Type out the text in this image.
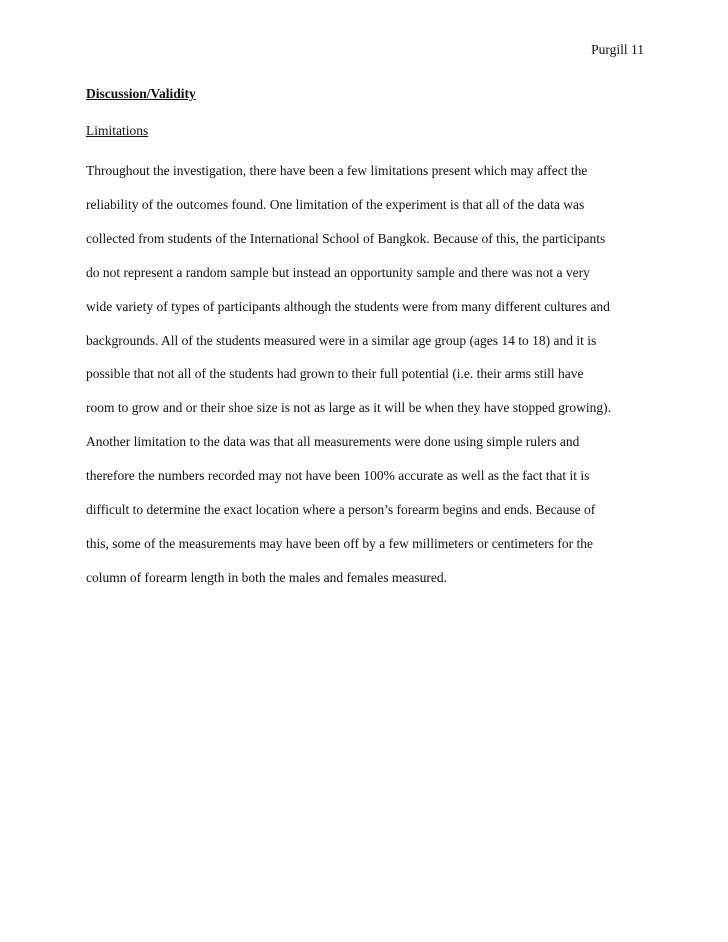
Purgill 11
Discussion/Validity
Limitations
Throughout the investigation, there have been a few limitations present which may affect the
reliability of the outcomes found. One limitation of the experiment is that all of the data was
collected from students of the International School of Bangkok. Because of this, the participants
do not represent a random sample but instead an opportunity sample and there was not a very
wide variety of types of participants although the students were from many different cultures and
backgrounds. All of the students measured were in a similar age group (ages 14 to 18) and it is
possible that not all of the students had grown to their full potential (i.e. their arms still have
room to grow and or their shoe size is not as large as it will be when they have stopped growing).
Another limitation to the data was that all measurements were done using simple rulers and
therefore the numbers recorded may not have been 100% accurate as well as the fact that it is
difficult to determine the exact location where a person’s forearm begins and ends. Because of
this, some of the measurements may have been off by a few millimeters or centimeters for the
column of forearm length in both the males and females measured.
